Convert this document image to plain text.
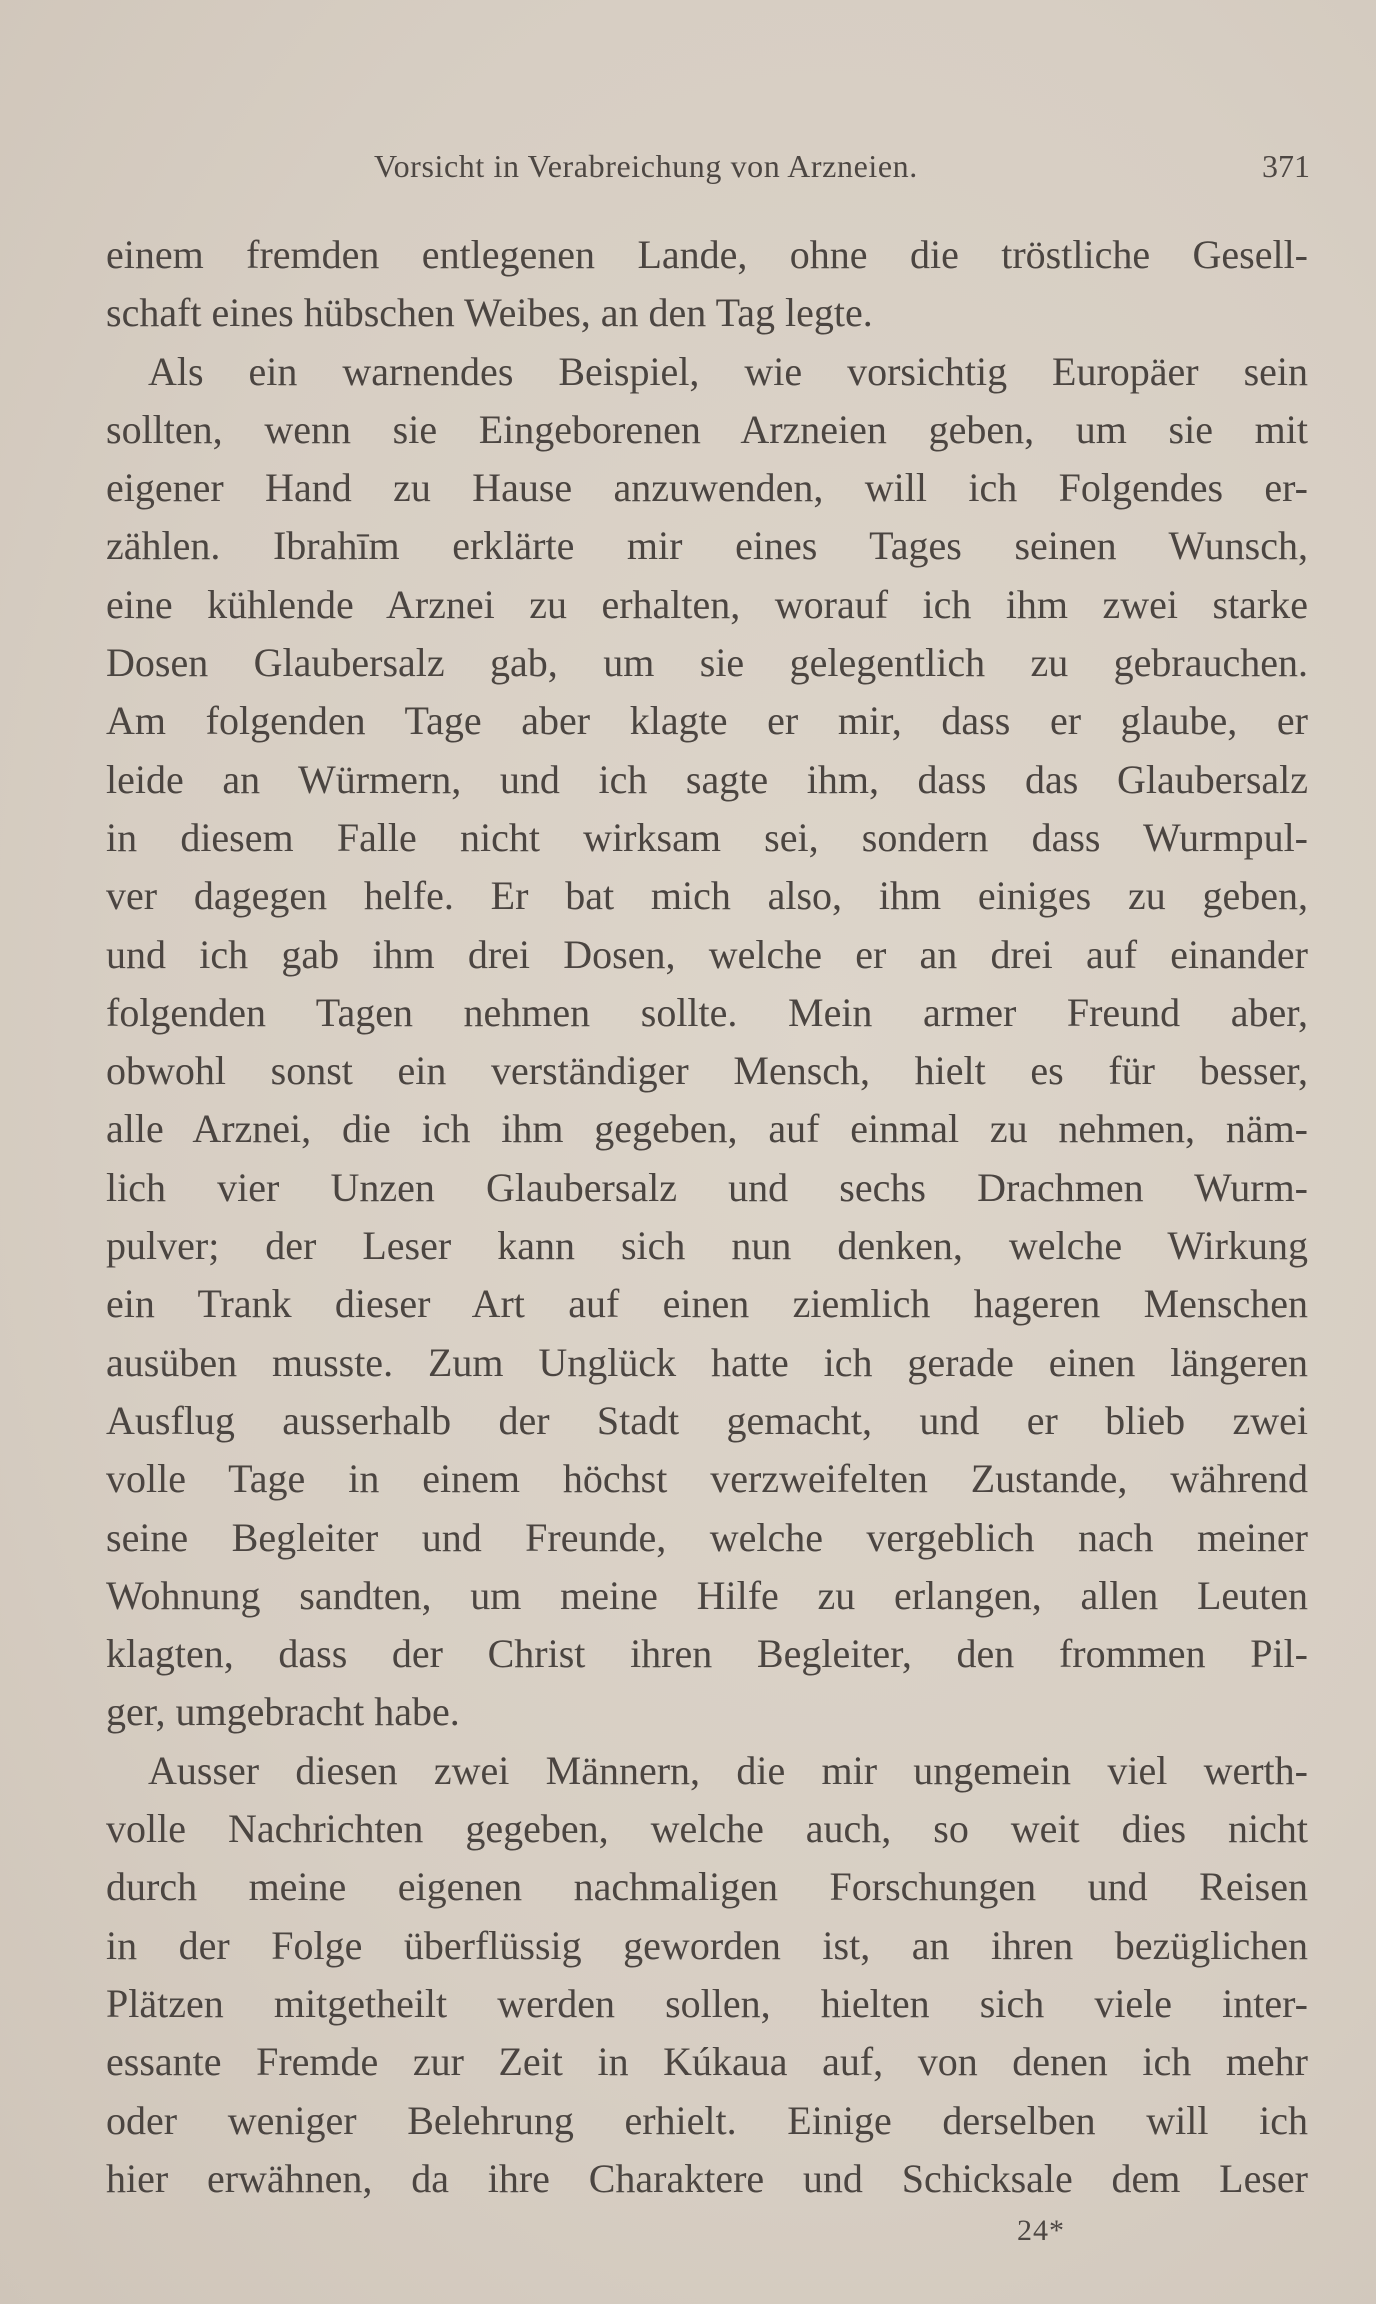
Vorsicht in Verabreichung von Arzneien.	371
einem fremden entlegenen Lande, ohne die tröstliche Gesell-
schaft eines hübschen Weibes, an den Tag legte.
Als ein warnendes Beispiel, wie vorsichtig Europäer sein
sollten, wenn sie Eingeborenen Arzneien geben, um sie mit
eigener Hand zu Hause anzuwenden, will ich Folgendes er-
zählen. Ibrahīm erklärte mir eines Tages seinen Wunsch,
eine kühlende Arznei zu erhalten, worauf ich ihm zwei starke
Dosen Glaubersalz gab, um sie gelegentlich zu gebrauchen.
Am folgenden Tage aber klagte er mir, dass er glaube, er
leide an Würmern, und ich sagte ihm, dass das Glaubersalz
in diesem Falle nicht wirksam sei, sondern dass Wurmpul-
ver dagegen helfe. Er bat mich also, ihm einiges zu geben,
und ich gab ihm drei Dosen, welche er an drei auf einander
folgenden Tagen nehmen sollte. Mein armer Freund aber,
obwohl sonst ein verständiger Mensch, hielt es für besser,
alle Arznei, die ich ihm gegeben, auf einmal zu nehmen, näm-
lich vier Unzen Glaubersalz und sechs Drachmen Wurm-
pulver; der Leser kann sich nun denken, welche Wirkung
ein Trank dieser Art auf einen ziemlich hageren Menschen
ausüben musste. Zum Unglück hatte ich gerade einen längeren
Ausflug ausserhalb der Stadt gemacht, und er blieb zwei
volle Tage in einem höchst verzweifelten Zustande, während
seine Begleiter und Freunde, welche vergeblich nach meiner
Wohnung sandten, um meine Hilfe zu erlangen, allen Leuten
klagten, dass der Christ ihren Begleiter, den frommen Pil-
ger, umgebracht habe.
Ausser diesen zwei Männern, die mir ungemein viel werth-
volle Nachrichten gegeben, welche auch, so weit dies nicht
durch meine eigenen nachmaligen Forschungen und Reisen
in der Folge überflüssig geworden ist, an ihren bezüglichen
Plätzen mitgetheilt werden sollen, hielten sich viele inter-
essante Fremde zur Zeit in Kúkaua auf, von denen ich mehr
oder weniger Belehrung erhielt. Einige derselben will ich
hier erwähnen, da ihre Charaktere und Schicksale dem Leser
24*
